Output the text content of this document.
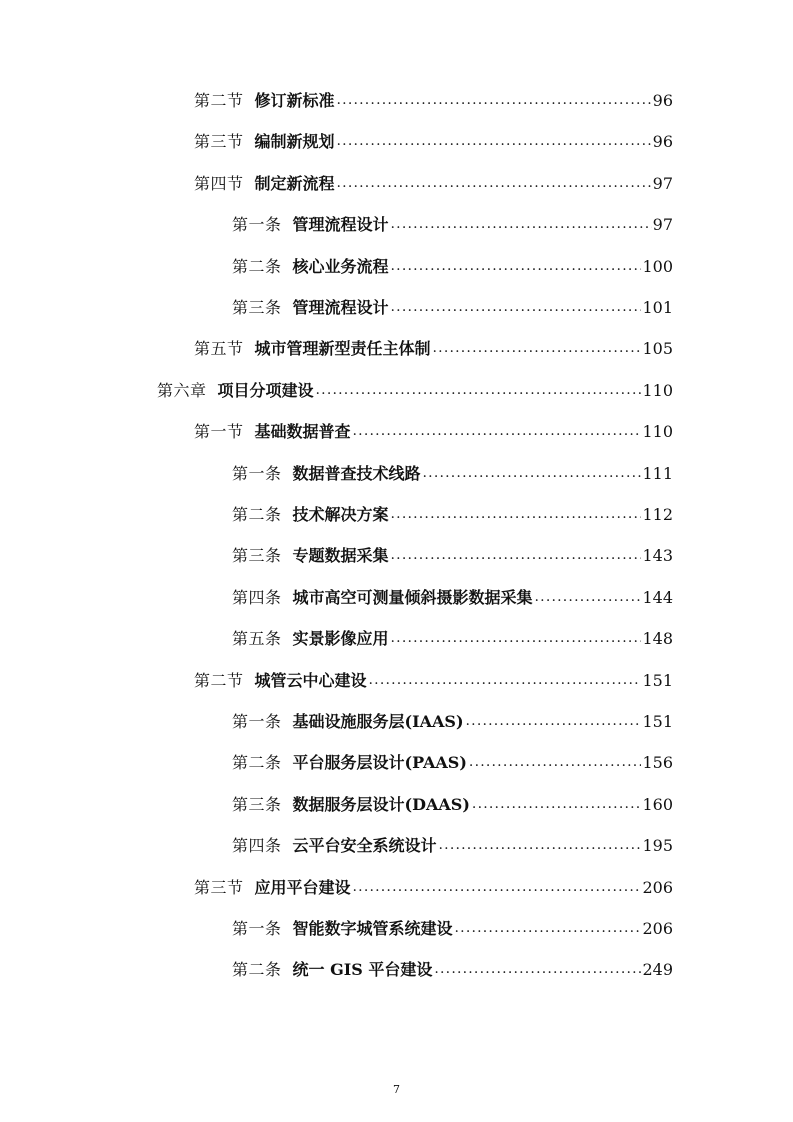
第二节 修订新标准 .....	96
第三节 编制新规划 .....	96
第四节 制定新流程 .....	97
第一条 管理流程设计 .....	97
第二条 核心业务流程 .....	100
第三条 管理流程设计 .....	101
第五节 城市管理新型责任主体制 .....	105
第六章 项目分项建设 .....	110
第一节 基础数据普查 .....	110
第一条 数据普查技术线路 .....	111
第二条 技术解决方案 .....	112
第三条 专题数据采集 .....	143
第四条 城市高空可测量倾斜摄影数据采集 .....	144
第五条 实景影像应用 .....	148
第二节 城管云中心建设 .....	151
第一条 基础设施服务层(IAAS) .....	151
第二条 平台服务层设计(PAAS) .....	156
第三条 数据服务层设计(DAAS) .....	160
第四条 云平台安全系统设计 .....	195
第三节 应用平台建设 .....	206
第一条 智能数字城管系统建设 .....	206
第二条 统一 GIS 平台建设 .....	249
7
